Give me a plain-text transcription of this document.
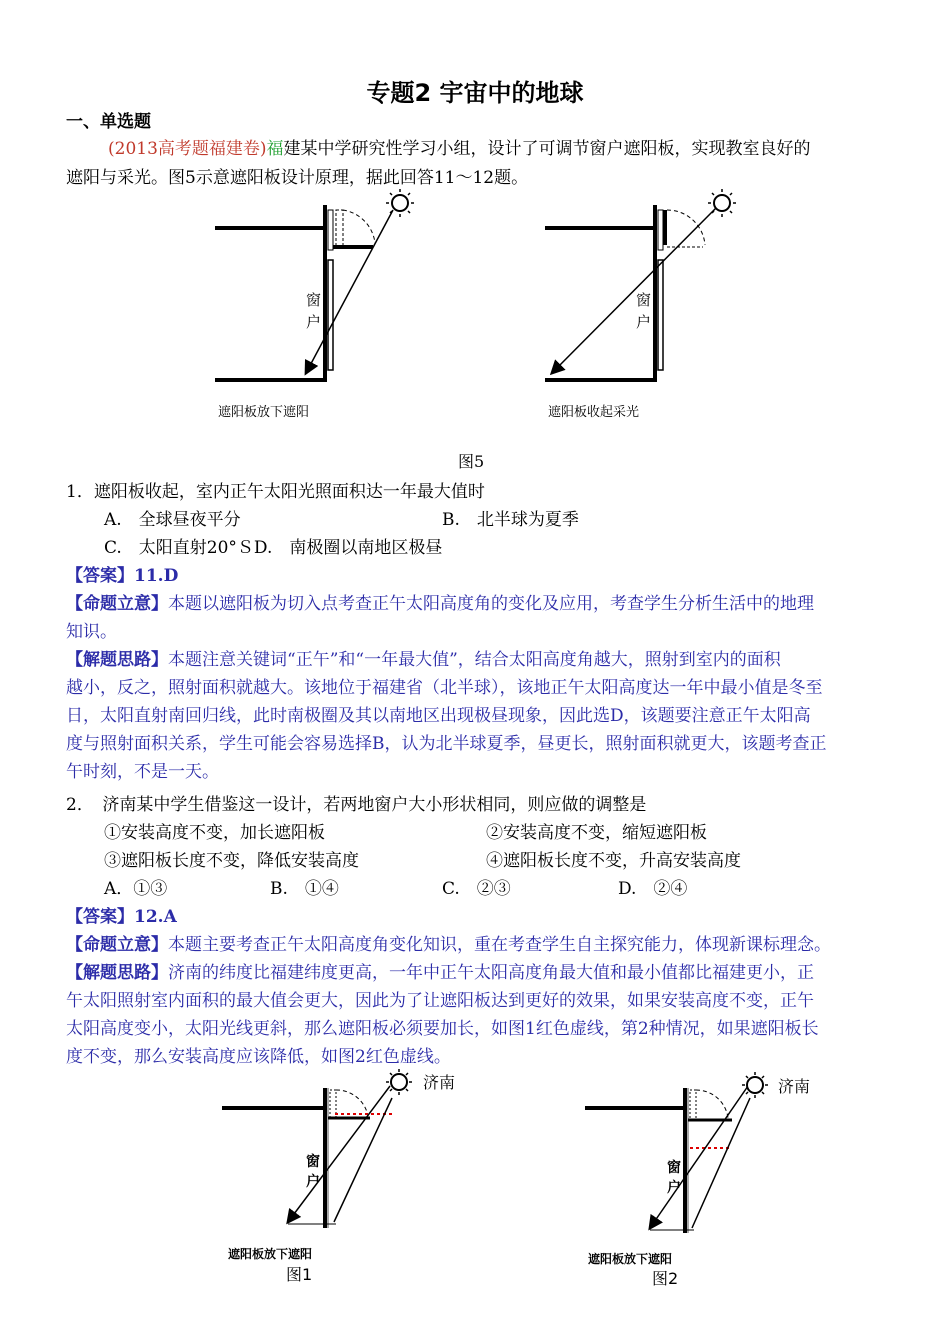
专题2 宇宙中的地球
一、单选题
(2013高考题福建卷)福建某中学研究性学习小组，设计了可调节窗户遮阳板，实现教室良好的
遮阳与采光。图5示意遮阳板设计原理，据此回答11～12题。
窗
户
遮阳板放下遮阳
窗
户
遮阳板收起采光
图5
1．遮阳板收起，室内正午太阳光照面积达一年最大值时
A.　全球昼夜平分	B.　北半球为夏季
C.　太阳直射20°ＳD.　南极圈以南地区极昼
【答案】11.D
【命题立意】本题以遮阳板为切入点考查正午太阳高度角的变化及应用，考查学生分析生活中的地理
知识。
【解题思路】本题注意关键词“正午”和“一年最大值”，结合太阳高度角越大，照射到室内的面积
越小，反之，照射面积就越大。该地位于福建省（北半球），该地正午太阳高度达一年中最小值是冬至
日，太阳直射南回归线，此时南极圈及其以南地区出现极昼现象，因此选D，该题要注意正午太阳高
度与照射面积关系，学生可能会容易选择B，认为北半球夏季，昼更长，照射面积就更大，该题考查正
午时刻，不是一天。
2．　济南某中学生借鉴这一设计，若两地窗户大小形状相同，则应做的调整是
①安装高度不变，加长遮阳板	②安装高度不变，缩短遮阳板
③遮阳板长度不变，降低安装高度	④遮阳板长度不变，升高安装高度
A．①③	B.　①④	C.　②③	D.　②④
【答案】12.A
【命题立意】本题主要考查正午太阳高度角变化知识，重在考查学生自主探究能力，体现新课标理念。
【解题思路】济南的纬度比福建纬度更高，一年中正午太阳高度角最大值和最小值都比福建更小，正
午太阳照射室内面积的最大值会更大，因此为了让遮阳板达到更好的效果，如果安装高度不变，正午
太阳高度变小，太阳光线更斜，那么遮阳板必须要加长，如图1红色虚线，第2种情况，如果遮阳板长
度不变，那么安装高度应该降低，如图2红色虚线。
济南
窗
户
遮阳板放下遮阳
图1
济南
窗
户
遮阳板放下遮阳
图2
